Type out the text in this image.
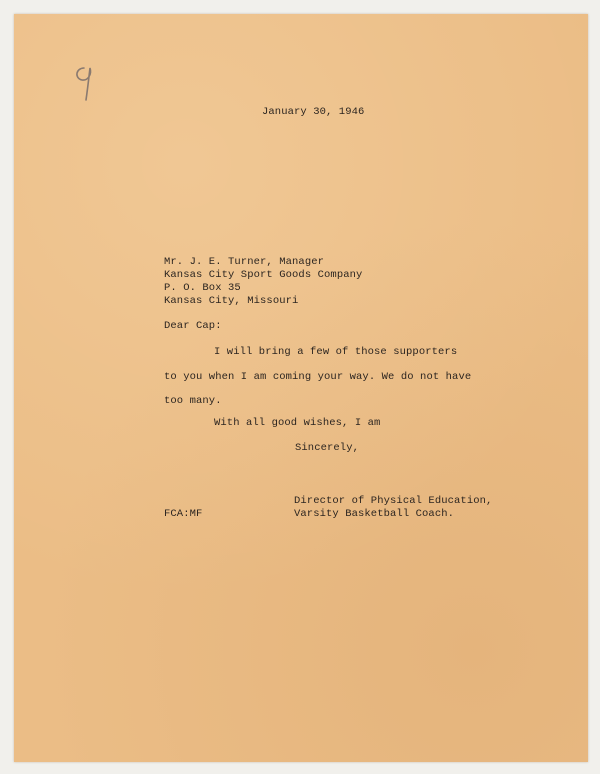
January 30, 1946
Mr. J. E. Turner, Manager
Kansas City Sport Goods Company
P. O. Box 35
Kansas City, Missouri
Dear Cap:
I will bring a few of those supporters
to you when I am coming your way. We do not have
too many.
With all good wishes, I am
Sincerely,
Director of Physical Education,
Varsity Basketball Coach.
FCA:MF
